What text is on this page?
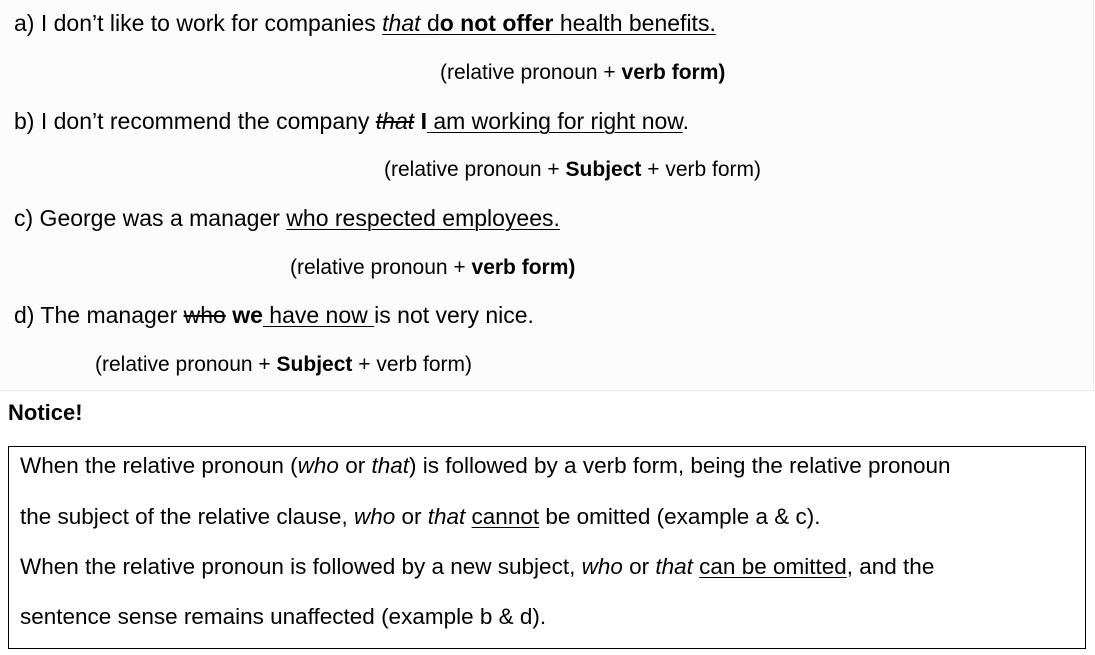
a) I don’t like to work for companies that do not offer health benefits.
(relative pronoun + verb form)
b) I don’t recommend the company that I am working for right now.
(relative pronoun + Subject + verb form)
c) George was a manager who respected employees.
(relative pronoun + verb form)
d) The manager who we have now is not very nice.
(relative pronoun + Subject + verb form)
Notice!
When the relative pronoun (who or that) is followed by a verb form, being the relative pronoun
the subject of the relative clause, who or that cannot be omitted (example a & c).
When the relative pronoun is followed by a new subject, who or that can be omitted, and the
sentence sense remains unaffected (example b & d).
